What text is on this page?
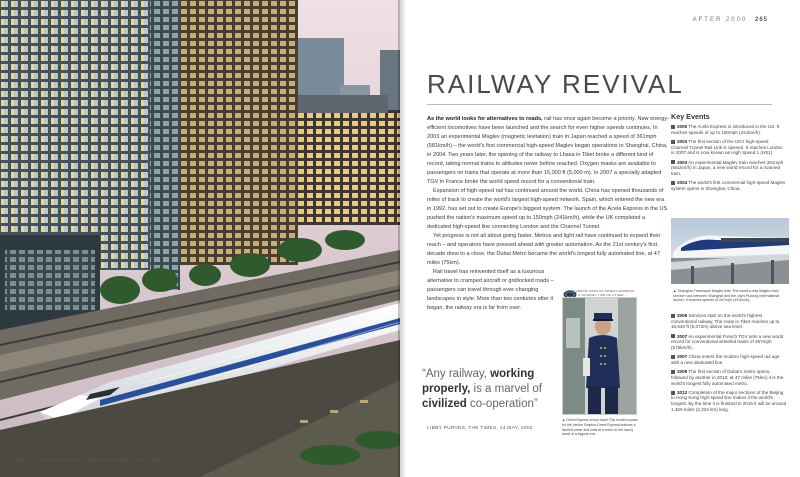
▲ A “Bullet Train” speeds through a district of high-rise office blocks in Tokyo, Japan
AFTER 2000 265
RAILWAY REVIVAL

As the world looks for alternatives to roads, rail has once again become a priority. New energy-efficient locomotives have been launched and the search for even higher speeds continues. In 2003 an experimental Maglev (magnetic levitation) train in Japan reached a speed of 361mph (581km/h) – the world's first commercial high-speed Maglev began operations in Shanghai, China, in 2004. Two years later, the opening of the railway to Lhasa in Tibet broke a different kind of record, taking normal trains to altitudes never before reached. Oxygen masks are available to passengers on trains that operate at more than 16,000 ft (5,000 m). In 2007 a specially adapted TGV in France broke the world speed record for a conventional train.

Expansion of high-speed rail has continued around the world. China has opened thousands of miles of track to create the world's largest high-speed network. Spain, which entered the new era in 1992, has set out to create Europe's biggest system. The launch of the Acela Express in the US pushed the nation's maximum speed up to 150mph (241km/h), while the UK completed a dedicated high-speed line connecting London and the Channel Tunnel.

Yet progress is not all about going faster. Metros and light rail have continued to expand their reach – and operators have pressed ahead with greater automation. As the 21st century's first decade drew to a close, the Dubai Metro became the world's longest fully automated line, at 47 miles (75km).

Rail travel has reinvented itself as a luxurious alternative to cramped aircraft or gridlocked roads – passengers can travel through ever-changing landscapes in style. More than two centuries after it began, the railway era is far from over.

“Any railway, working properly, is a marvel of civilized co-operation”
LIBBY PURVES, THE TIMES, 14 MAY, 2002
THE VENICE SIMPLON-ORIENT-EXPRESS A JOURNEY LIKE NO OTHER
▲ Orient Express luxury travel This modern poster for the Venice Simplon-Orient Express features a liveried porter and hints at a return to the luxury travel of a bygone era.
Key Events
2000 The Acela Express is introduced in the US. It reaches speeds of up to 150mph (241km/h).
2003 The first section of the UK's high-speed Channel Tunnel Rail Link is opened. It reaches London in 2007 and is now known as High Speed 1 (HS1).
2003 An experimental Maglev train reaches 361mph (581km/h) in Japan, a new world record for a manned train.
2004 The world's first commercial high-speed Maglev system opens in Shanghai, China.
▲ Shanghai Transrapid Maglev train The world's only Maglev train service runs between Shanghai and the city's Pudong International Airport. It reaches speeds of 267mph (431km/h).
2006 Services start on the world's highest conventional railway. The route in Tibet reaches up to 16,640 ft (5,072m) above sea level.
2007 An experimental French TGV sets a new world record for conventional wheeled trains of 357mph (575km/h).
2007 China enters the modern high-speed rail age with a new dedicated line.
2009 The first section of Dubai's metro opens, followed by another in 2010; at 47 miles (75km) it is the world's longest fully automated metro.
2012 Completion of the major sections of the Beijing to Hong Kong high-speed line makes it the world's longest. By the time it is finished in 2015 it will be around 1,450 miles (2,334 km) long.
